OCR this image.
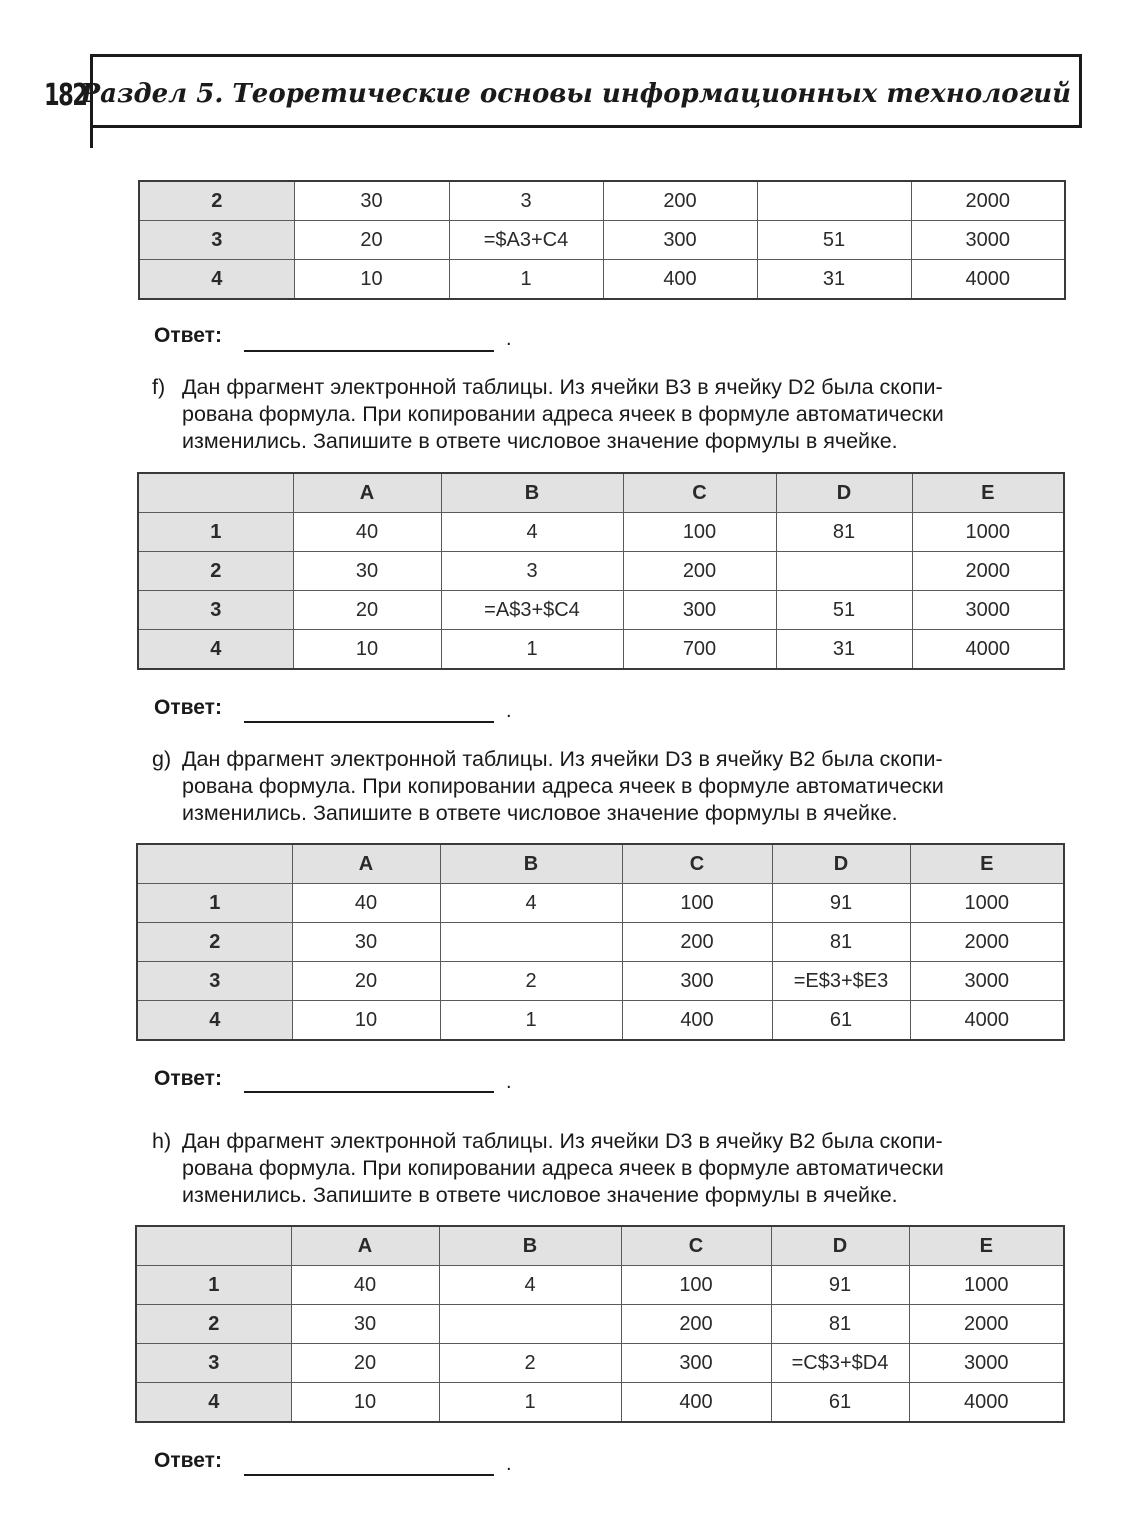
182
Раздел 5. Теоретические основы информационных технологий
2	30	3	200		2000
3	20	=$A3+C4	300	51	3000
4	10	1	400	31	4000
Ответ:	.
f) Дан фрагмент электронной таблицы. Из ячейки B3 в ячейку D2 была скопи-
рована формула. При копировании адреса ячеек в формуле автоматически
изменились. Запишите в ответе числовое значение формулы в ячейке.
	A	B	C	D	E
1	40	4	100	81	1000
2	30	3	200		2000
3	20	=A$3+$C4	300	51	3000
4	10	1	700	31	4000
Ответ:	.
g) Дан фрагмент электронной таблицы. Из ячейки D3 в ячейку B2 была скопи-
рована формула. При копировании адреса ячеек в формуле автоматически
изменились. Запишите в ответе числовое значение формулы в ячейке.
	A	B	C	D	E
1	40	4	100	91	1000
2	30		200	81	2000
3	20	2	300	=E$3+$E3	3000
4	10	1	400	61	4000
Ответ:	.
h) Дан фрагмент электронной таблицы. Из ячейки D3 в ячейку B2 была скопи-
рована формула. При копировании адреса ячеек в формуле автоматически
изменились. Запишите в ответе числовое значение формулы в ячейке.
	A	B	C	D	E
1	40	4	100	91	1000
2	30		200	81	2000
3	20	2	300	=C$3+$D4	3000
4	10	1	400	61	4000
Ответ:	.
